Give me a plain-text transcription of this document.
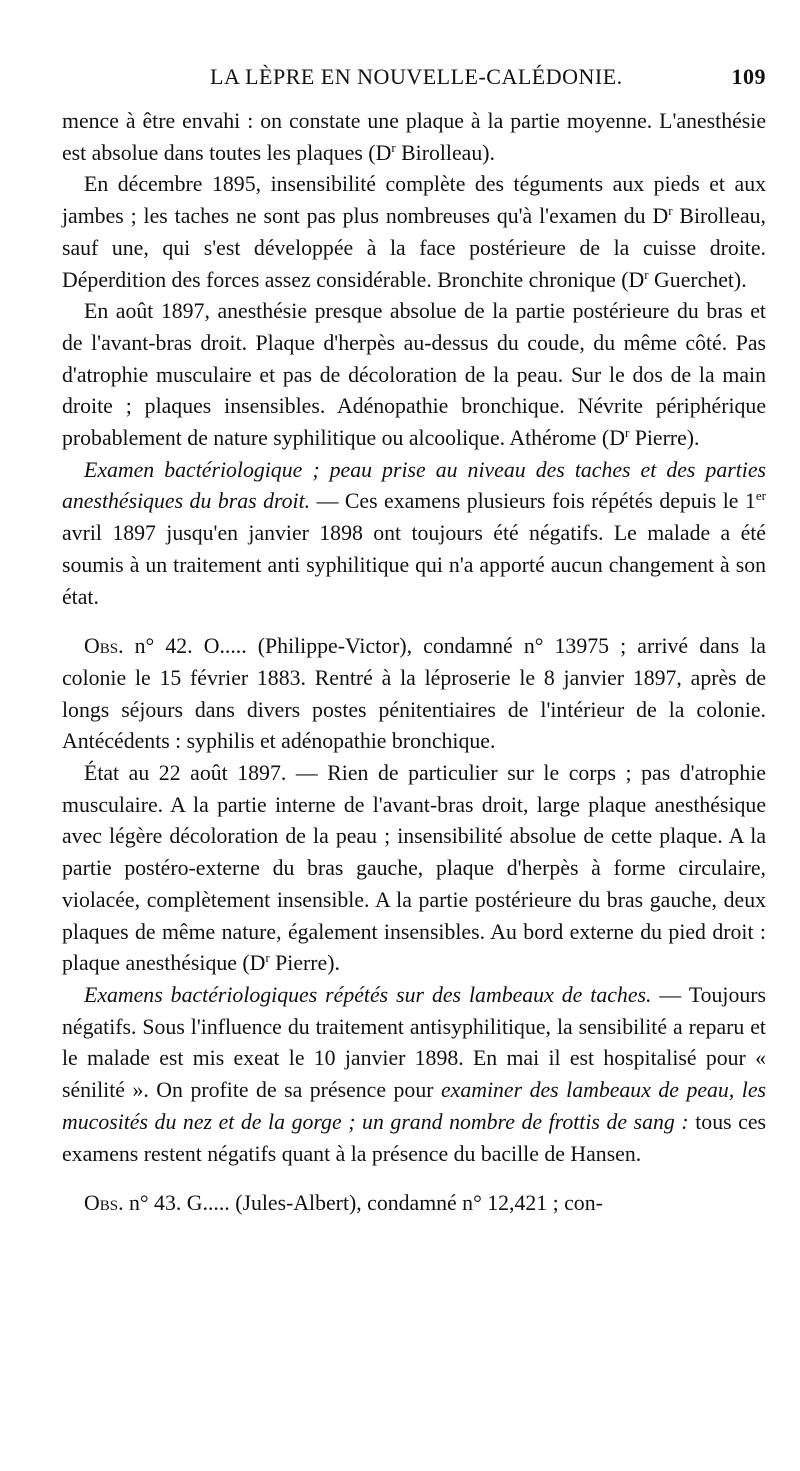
LA LÈPRE EN NOUVELLE-CALÉDONIE.	109

mence à être envahi : on constate une plaque à la partie moyenne. L'anesthésie est absolue dans toutes les plaques ($D^r$ Birolleau).

En décembre 1895, insensibilité complète des téguments aux pieds et aux jambes ; les taches ne sont pas plus nombreuses qu'à l'examen du $D^r$ Birolleau, sauf une, qui s'est développée à la face postérieure de la cuisse droite. Déperdition des forces assez considérable. Bronchite chronique ($D^r$ Guerchet).

En août 1897, anesthésie presque absolue de la partie postérieure du bras et de l'avant-bras droit. Plaque d'herpès au-dessus du coude, du même côté. Pas d'atrophie musculaire et pas de décoloration de la peau. Sur le dos de la main droite ; plaques insensibles. Adénopathie bronchique. Névrite périphérique probablement de nature syphilitique ou alcoolique. Athérome ($D^r$ Pierre).

Examen bactériologique ; peau prise au niveau des taches et des parties anesthésiques du bras droit. — Ces examens plusieurs fois répétés depuis le 1er avril 1897 jusqu'en janvier 1898 ont toujours été négatifs. Le malade a été soumis à un traitement anti syphilitique qui n'a apporté aucun changement à son état.

Obs. n° 42. O..... (Philippe-Victor), condamné n° 13975 ; arrivé dans la colonie le 15 février 1883. Rentré à la léproserie le 8 janvier 1897, après de longs séjours dans divers postes pénitentiaires de l'intérieur de la colonie. Antécédents : syphilis et adénopathie bronchique.

État au 22 août 1897. — Rien de particulier sur le corps ; pas d'atrophie musculaire. A la partie interne de l'avant-bras droit, large plaque anesthésique avec légère décoloration de la peau ; insensibilité absolue de cette plaque. A la partie postéro-externe du bras gauche, plaque d'herpès à forme circulaire, violacée, complètement insensible. A la partie postérieure du bras gauche, deux plaques de même nature, également insensibles. Au bord externe du pied droit : plaque anesthésique ($D^r$ Pierre).

Examens bactériologiques répétés sur des lambeaux de taches. — Toujours négatifs. Sous l'influence du traitement antisyphilitique, la sensibilité a reparu et le malade est mis exeat le 10 janvier 1898. En mai il est hospitalisé pour « sénilité ». On profite de sa présence pour examiner des lambeaux de peau, les mucosités du nez et de la gorge ; un grand nombre de frottis de sang : tous ces examens restent négatifs quant à la présence du bacille de Hansen.

Obs. n° 43. G..... (Jules-Albert), condamné n° 12,421 ; con-
